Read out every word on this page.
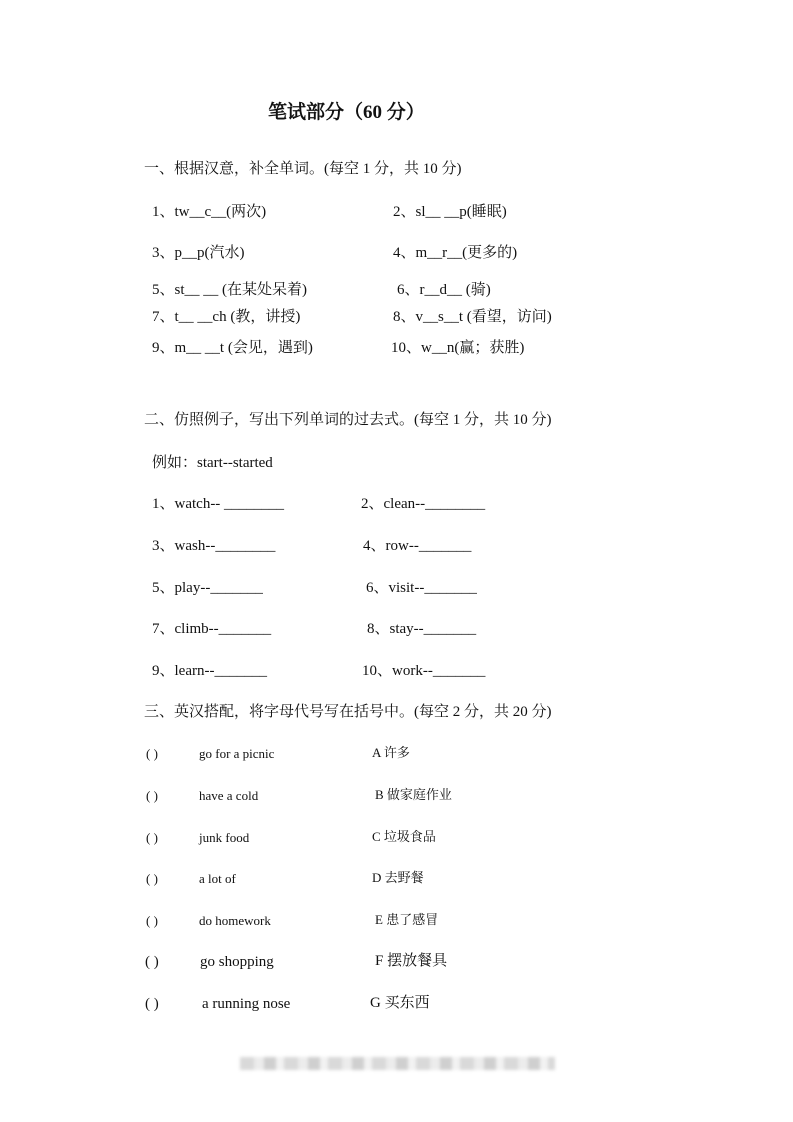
笔试部分（60 分）
一、根据汉意，补全单词。(每空 1 分，共 10 分)
1、tw__c__(两次)	2、sl__ __p(睡眠)
3、p__p(汽水)	4、m__r__(更多的)
5、st__ __ (在某处呆着)	6、r__d__ (骑)
7、t__ __ch (教，讲授)	8、v__s__t (看望，访问)
9、m__ __t (会见，遇到)	10、w__n(赢；获胜)
二、仿照例子，写出下列单词的过去式。(每空 1 分，共 10 分)
例如：start--started
1、watch-- ________	2、clean--________
3、wash--________	4、row--_______
5、play--_______	6、visit--_______
7、climb--_______	8、stay--_______
9、learn--_______	10、work--_______
三、英汉搭配，将字母代号写在括号中。(每空 2 分，共 20 分)
( )	go for a picnic	A 许多
( )	have a cold	B 做家庭作业
( )	junk food	C 垃圾食品
( )	a lot of	D 去野餐
( )	do homework	E 患了感冒
( )	go shopping	F 摆放餐具
( )	a running nose	G 买东西
